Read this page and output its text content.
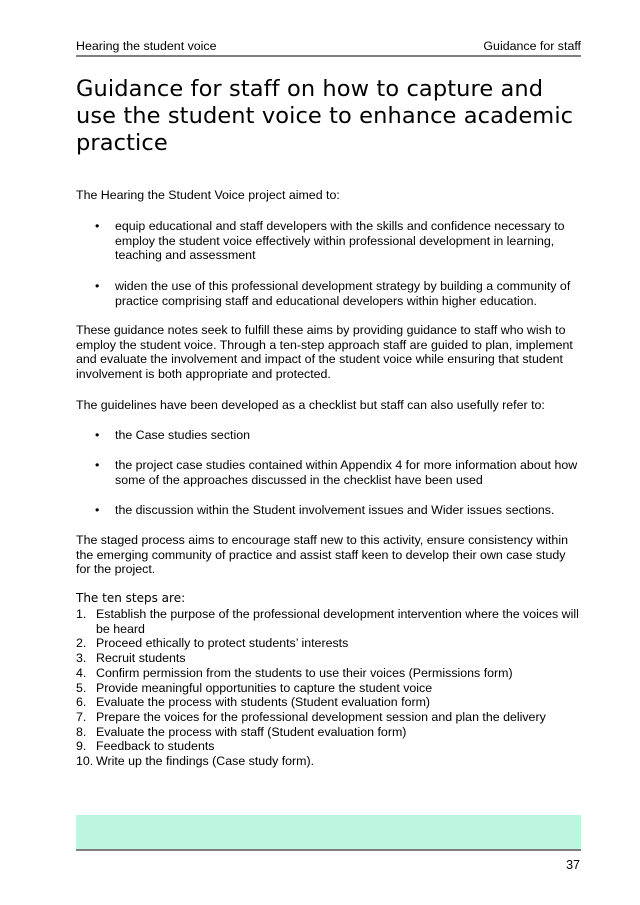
Hearing the student voice	Guidance for staff
Guidance for staff on how to capture and use the student voice to enhance academic practice

The Hearing the Student Voice project aimed to:

• equip educational and staff developers with the skills and confidence necessary to employ the student voice effectively within professional development in learning, teaching and assessment
• widen the use of this professional development strategy by building a community of practice comprising staff and educational developers within higher education.

These guidance notes seek to fulfill these aims by providing guidance to staff who wish to employ the student voice. Through a ten-step approach staff are guided to plan, implement and evaluate the involvement and impact of the student voice while ensuring that student involvement is both appropriate and protected.

The guidelines have been developed as a checklist but staff can also usefully refer to:

• the Case studies section
• the project case studies contained within Appendix 4 for more information about how some of the approaches discussed in the checklist have been used
• the discussion within the Student involvement issues and Wider issues sections.

The staged process aims to encourage staff new to this activity, ensure consistency within the emerging community of practice and assist staff keen to develop their own case study for the project.

The ten steps are:
1. Establish the purpose of the professional development intervention where the voices will be heard
2. Proceed ethically to protect students’ interests
3. Recruit students
4. Confirm permission from the students to use their voices (Permissions form)
5. Provide meaningful opportunities to capture the student voice
6. Evaluate the process with students (Student evaluation form)
7. Prepare the voices for the professional development session and plan the delivery
8. Evaluate the process with staff (Student evaluation form)
9. Feedback to students
10. Write up the findings (Case study form).
37
